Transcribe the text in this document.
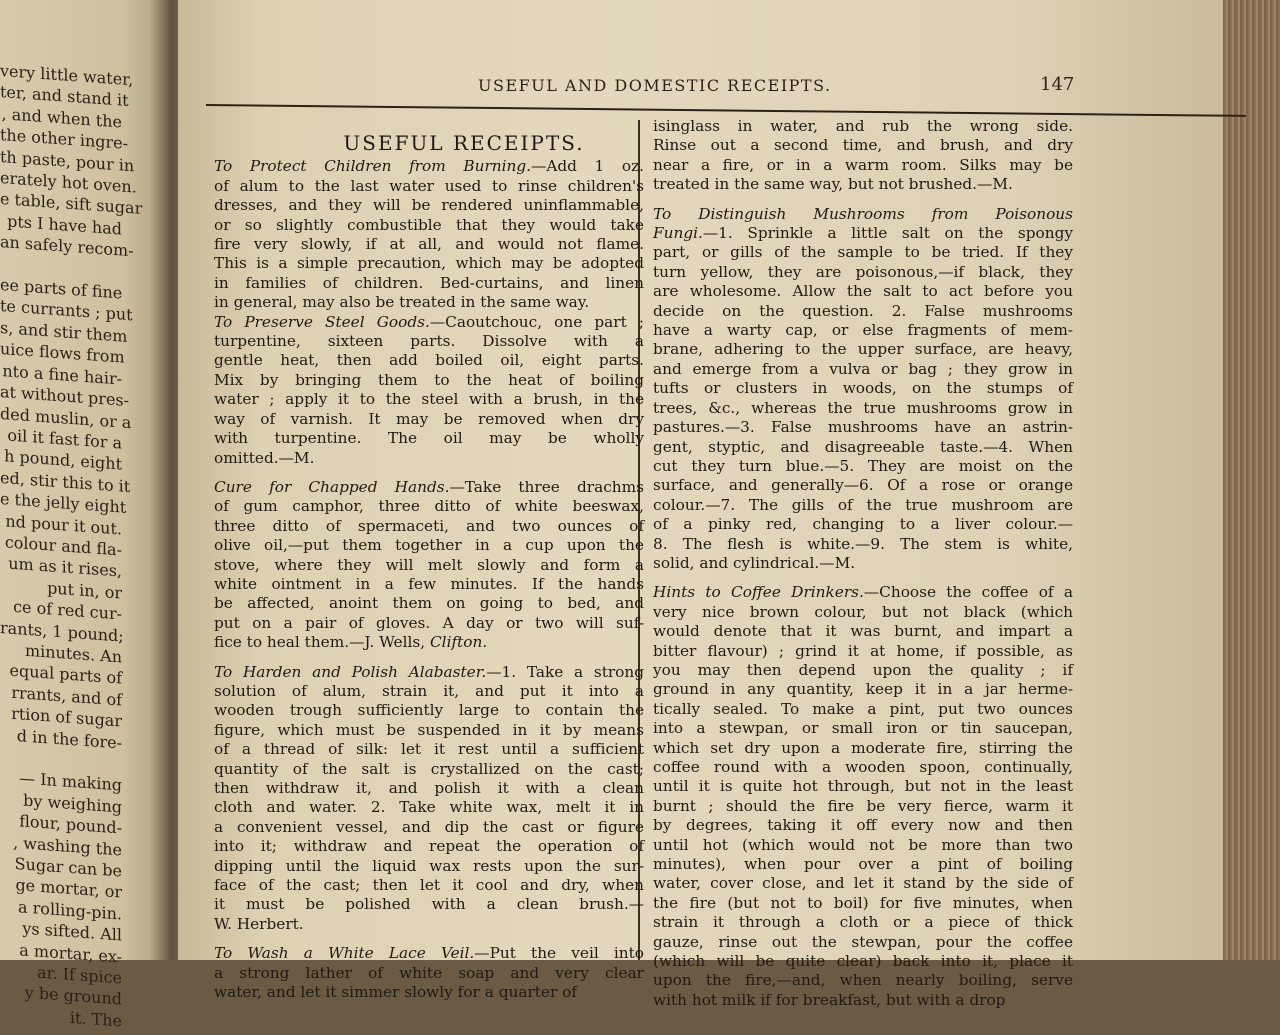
very little water,
ter, and stand it
, and when the
the other ingre-
th paste, pour in
erately hot oven.
e table, sift sugar
pts I have had
an safely recom-

ee parts of fine
te currants ; put
s, and stir them
uice flows from
nto a fine hair-
at without pres-
ded muslin, or a
oil it fast for a
h pound, eight
ed, stir this to it
e the jelly eight
nd pour it out.
colour and fla-
um as it rises,
put in, or
ce of red cur-
rants, 1 pound;
minutes. An
equal parts of
rrants, and of
rtion of sugar
d in the fore-

— In making
by weighing
flour, pound-
, washing the
Sugar can be
ge mortar, or
a rolling-pin.
ys sifted. All
a mortar, ex-
ar. If spice
y be ground
it. The
USEFUL AND DOMESTIC RECEIPTS.	147
USEFUL RECEIPTS.
To Protect Children from Burning.—Add 1 oz.
of alum to the last water used to rinse children's
dresses, and they will be rendered uninflammable,
or so slightly combustible that they would take
fire very slowly, if at all, and would not flame.
This is a simple precaution, which may be adopted
in families of children. Bed-curtains, and linen
in general, may also be treated in the same way.
To Preserve Steel Goods.—Caoutchouc, one part ;
turpentine, sixteen parts. Dissolve with a
gentle heat, then add boiled oil, eight parts.
Mix by bringing them to the heat of boiling
water ; apply it to the steel with a brush, in the
way of varnish. It may be removed when dry
with turpentine. The oil may be wholly
omitted.—M.
Cure for Chapped Hands.—Take three drachms
of gum camphor, three ditto of white beeswax,
three ditto of spermaceti, and two ounces of
olive oil,—put them together in a cup upon the
stove, where they will melt slowly and form a
white ointment in a few minutes. If the hands
be affected, anoint them on going to bed, and
put on a pair of gloves. A day or two will suf-
fice to heal them.—J. Wells, Clifton.
To Harden and Polish Alabaster.—1. Take a strong
solution of alum, strain it, and put it into a
wooden trough sufficiently large to contain the
figure, which must be suspended in it by means
of a thread of silk: let it rest until a sufficient
quantity of the salt is crystallized on the cast;
then withdraw it, and polish it with a clean
cloth and water. 2. Take white wax, melt it in
a convenient vessel, and dip the cast or figure
into it; withdraw and repeat the operation of
dipping until the liquid wax rests upon the sur-
face of the cast; then let it cool and dry, when
it must be polished with a clean brush.—
W. Herbert.
To Wash a White Lace Veil.—Put the veil into
a strong lather of white soap and very clear
water, and let it simmer slowly for a quarter of
isinglass in water, and rub the wrong side.
Rinse out a second time, and brush, and dry
near a fire, or in a warm room. Silks may be
treated in the same way, but not brushed.—M.
To Distinguish Mushrooms from Poisonous
Fungi.—1. Sprinkle a little salt on the spongy
part, or gills of the sample to be tried. If they
turn yellow, they are poisonous,—if black, they
are wholesome. Allow the salt to act before you
decide on the question. 2. False mushrooms
have a warty cap, or else fragments of mem-
brane, adhering to the upper surface, are heavy,
and emerge from a vulva or bag ; they grow in
tufts or clusters in woods, on the stumps of
trees, &c., whereas the true mushrooms grow in
pastures.—3. False mushrooms have an astrin-
gent, styptic, and disagreeable taste.—4. When
cut they turn blue.—5. They are moist on the
surface, and generally—6. Of a rose or orange
colour.—7. The gills of the true mushroom are
of a pinky red, changing to a liver colour.—
8. The flesh is white.—9. The stem is white,
solid, and cylindrical.—M.
Hints to Coffee Drinkers.—Choose the coffee of a
very nice brown colour, but not black (which
would denote that it was burnt, and impart a
bitter flavour) ; grind it at home, if possible, as
you may then depend upon the quality ; if
ground in any quantity, keep it in a jar herme-
tically sealed. To make a pint, put two ounces
into a stewpan, or small iron or tin saucepan,
which set dry upon a moderate fire, stirring the
coffee round with a wooden spoon, continually,
until it is quite hot through, but not in the least
burnt ; should the fire be very fierce, warm it
by degrees, taking it off every now and then
until hot (which would not be more than two
minutes), when pour over a pint of boiling
water, cover close, and let it stand by the side of
the fire (but not to boil) for five minutes, when
strain it through a cloth or a piece of thick
gauze, rinse out the stewpan, pour the coffee
(which will be quite clear) back into it, place it
upon the fire,—and, when nearly boiling, serve
with hot milk if for breakfast, but with a drop
